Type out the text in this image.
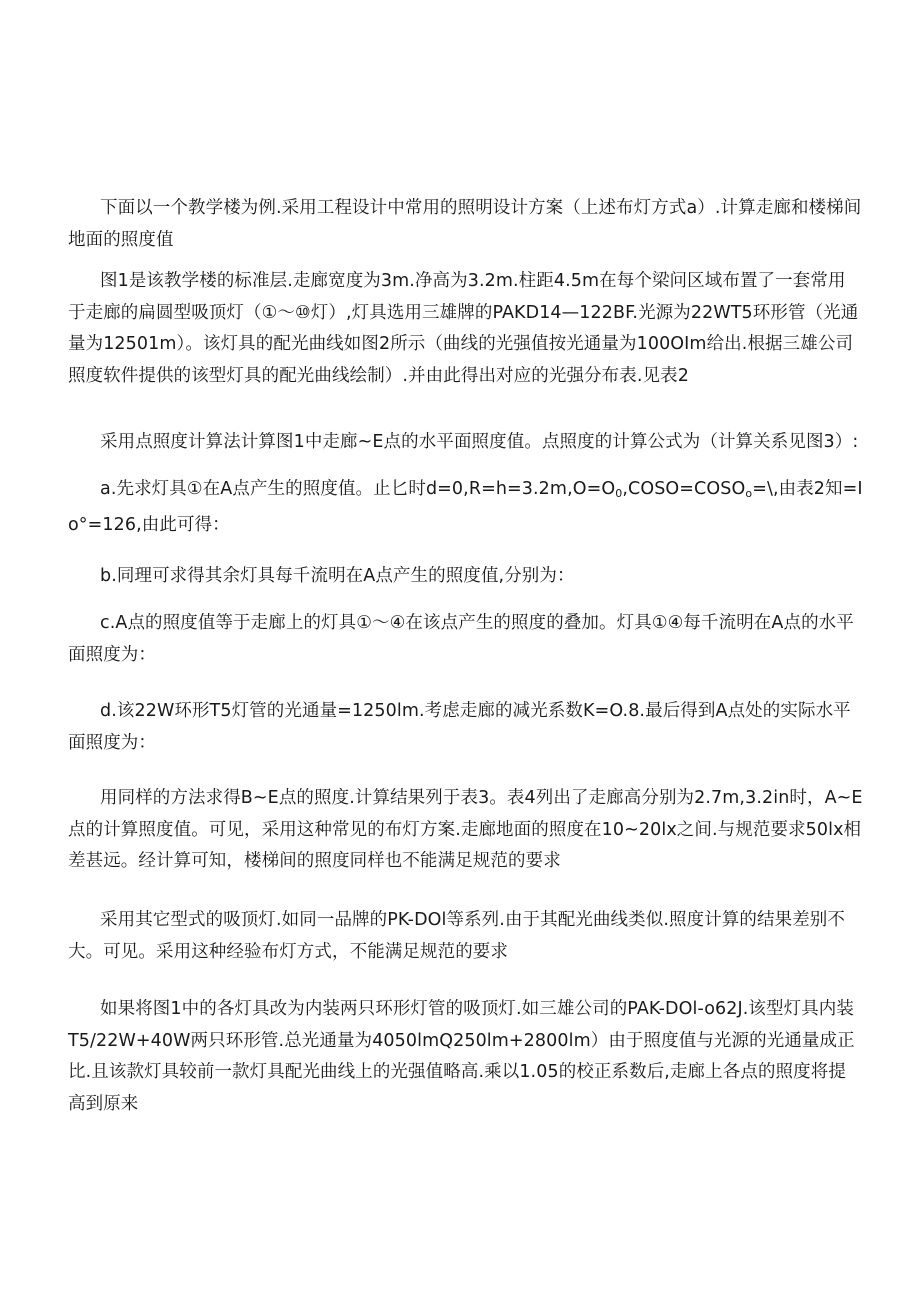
下面以一个教学楼为例.采用工程设计中常用的照明设计方案（上述布灯方式a）.计算走廊和楼梯间地面的照度值

图1是该教学楼的标准层.走廊宽度为3m.净高为3.2m.柱距4.5m在每个梁问区域布置了一套常用于走廊的扁圆型吸顶灯（①〜⑩灯）,灯具选用三雄牌的PAKD14—122BF.光源为22WT5环形管（光通量为12501m）。该灯具的配光曲线如图2所示（曲线的光强值按光通量为100OIm给出.根据三雄公司照度软件提供的该型灯具的配光曲线绘制）.并由此得出对应的光强分布表.见表2

采用点照度计算法计算图1中走廊~E点的水平面照度值。点照度的计算公式为（计算关系见图3）:

a.先求灯具①在A点产生的照度值。止匕时$d=0,R=h=3.2m,O=O_0,COSO=COSO_o=\backslash$,由表2知=Io°=126,由此可得：

b.同理可求得其余灯具每千流明在A点产生的照度值,分别为：

c.A点的照度值等于走廊上的灯具①〜④在该点产生的照度的叠加。灯具①④每千流明在A点的水平面照度为：

d.该22W环形T5灯管的光通量=1250lm.考虑走廊的减光系数K=O.8.最后得到A点处的实际水平面照度为：

用同样的方法求得B~E点的照度.计算结果列于表3。表4列出了走廊高分别为2.7m,3.2in时，A~E点的计算照度值。可见，采用这种常见的布灯方案.走廊地面的照度在10~20lx之间.与规范要求50lx相差甚远。经计算可知，楼梯间的照度同样也不能满足规范的要求

采用其它型式的吸顶灯.如同一品牌的PK-DOl等系列.由于其配光曲线类似.照度计算的结果差别不大。可见。采用这种经验布灯方式，不能满足规范的要求

如果将图1中的各灯具改为内装两只环形灯管的吸顶灯.如三雄公司的PAK-DOl-o62J.该型灯具内装T5/22W+40W两只环形管.总光通量为4050lmQ250lm+2800lm）由于照度值与光源的光通量成正比.且该款灯具较前一款灯具配光曲线上的光强值略高.乘以1.05的校正系数后,走廊上各点的照度将提高到原来
